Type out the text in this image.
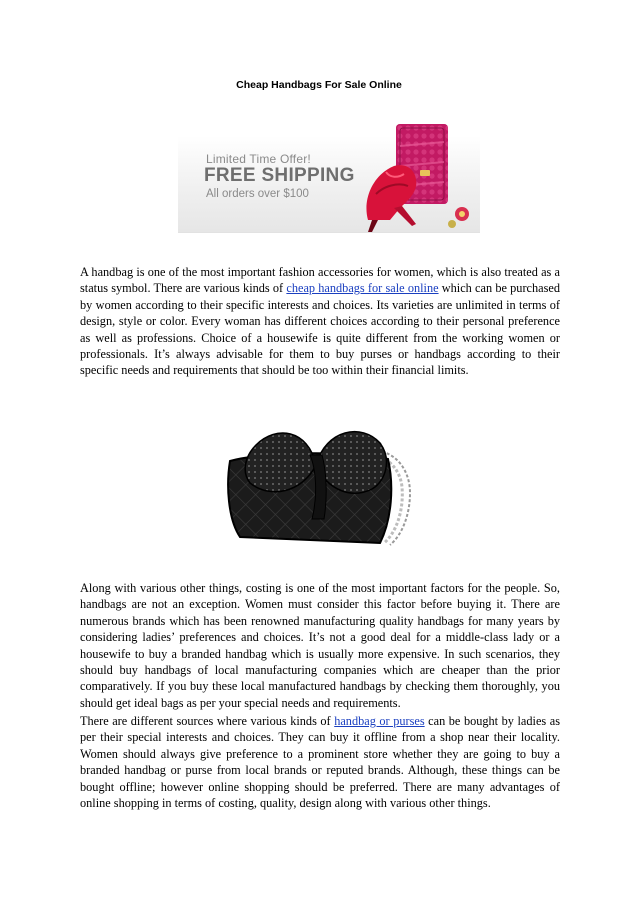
Cheap Handbags For Sale Online
Limited Time Offer!
FREE SHIPPING
All orders over $100

A handbag is one of the most important fashion accessories for women, which is also treated as a status symbol. There are various kinds of cheap handbags for sale online which can be purchased by women according to their specific interests and choices. Its varieties are unlimited in terms of design, style or color. Every woman has different choices according to their personal preference as well as professions. Choice of a housewife is quite different from the working women or professionals. It’s always advisable for them to buy purses or handbags according to their specific needs and requirements that should be too within their financial limits.

Along with various other things, costing is one of the most important factors for the people. So, handbags are not an exception. Women must consider this factor before buying it. There are numerous brands which has been renowned manufacturing quality handbags for many years by considering ladies’ preferences and choices. It’s not a good deal for a middle-class lady or a housewife to buy a branded handbag which is usually more expensive. In such scenarios, they should buy handbags of local manufacturing companies which are cheaper than the prior comparatively. If you buy these local manufactured handbags by checking them thoroughly, you should get ideal bags as per your special needs and requirements.

There are different sources where various kinds of handbag or purses can be bought by ladies as per their special interests and choices. They can buy it offline from a shop near their locality. Women should always give preference to a prominent store whether they are going to buy a branded handbag or purse from local brands or reputed brands. Although, these things can be bought offline; however online shopping should be preferred. There are many advantages of online shopping in terms of costing, quality, design along with various other things.
